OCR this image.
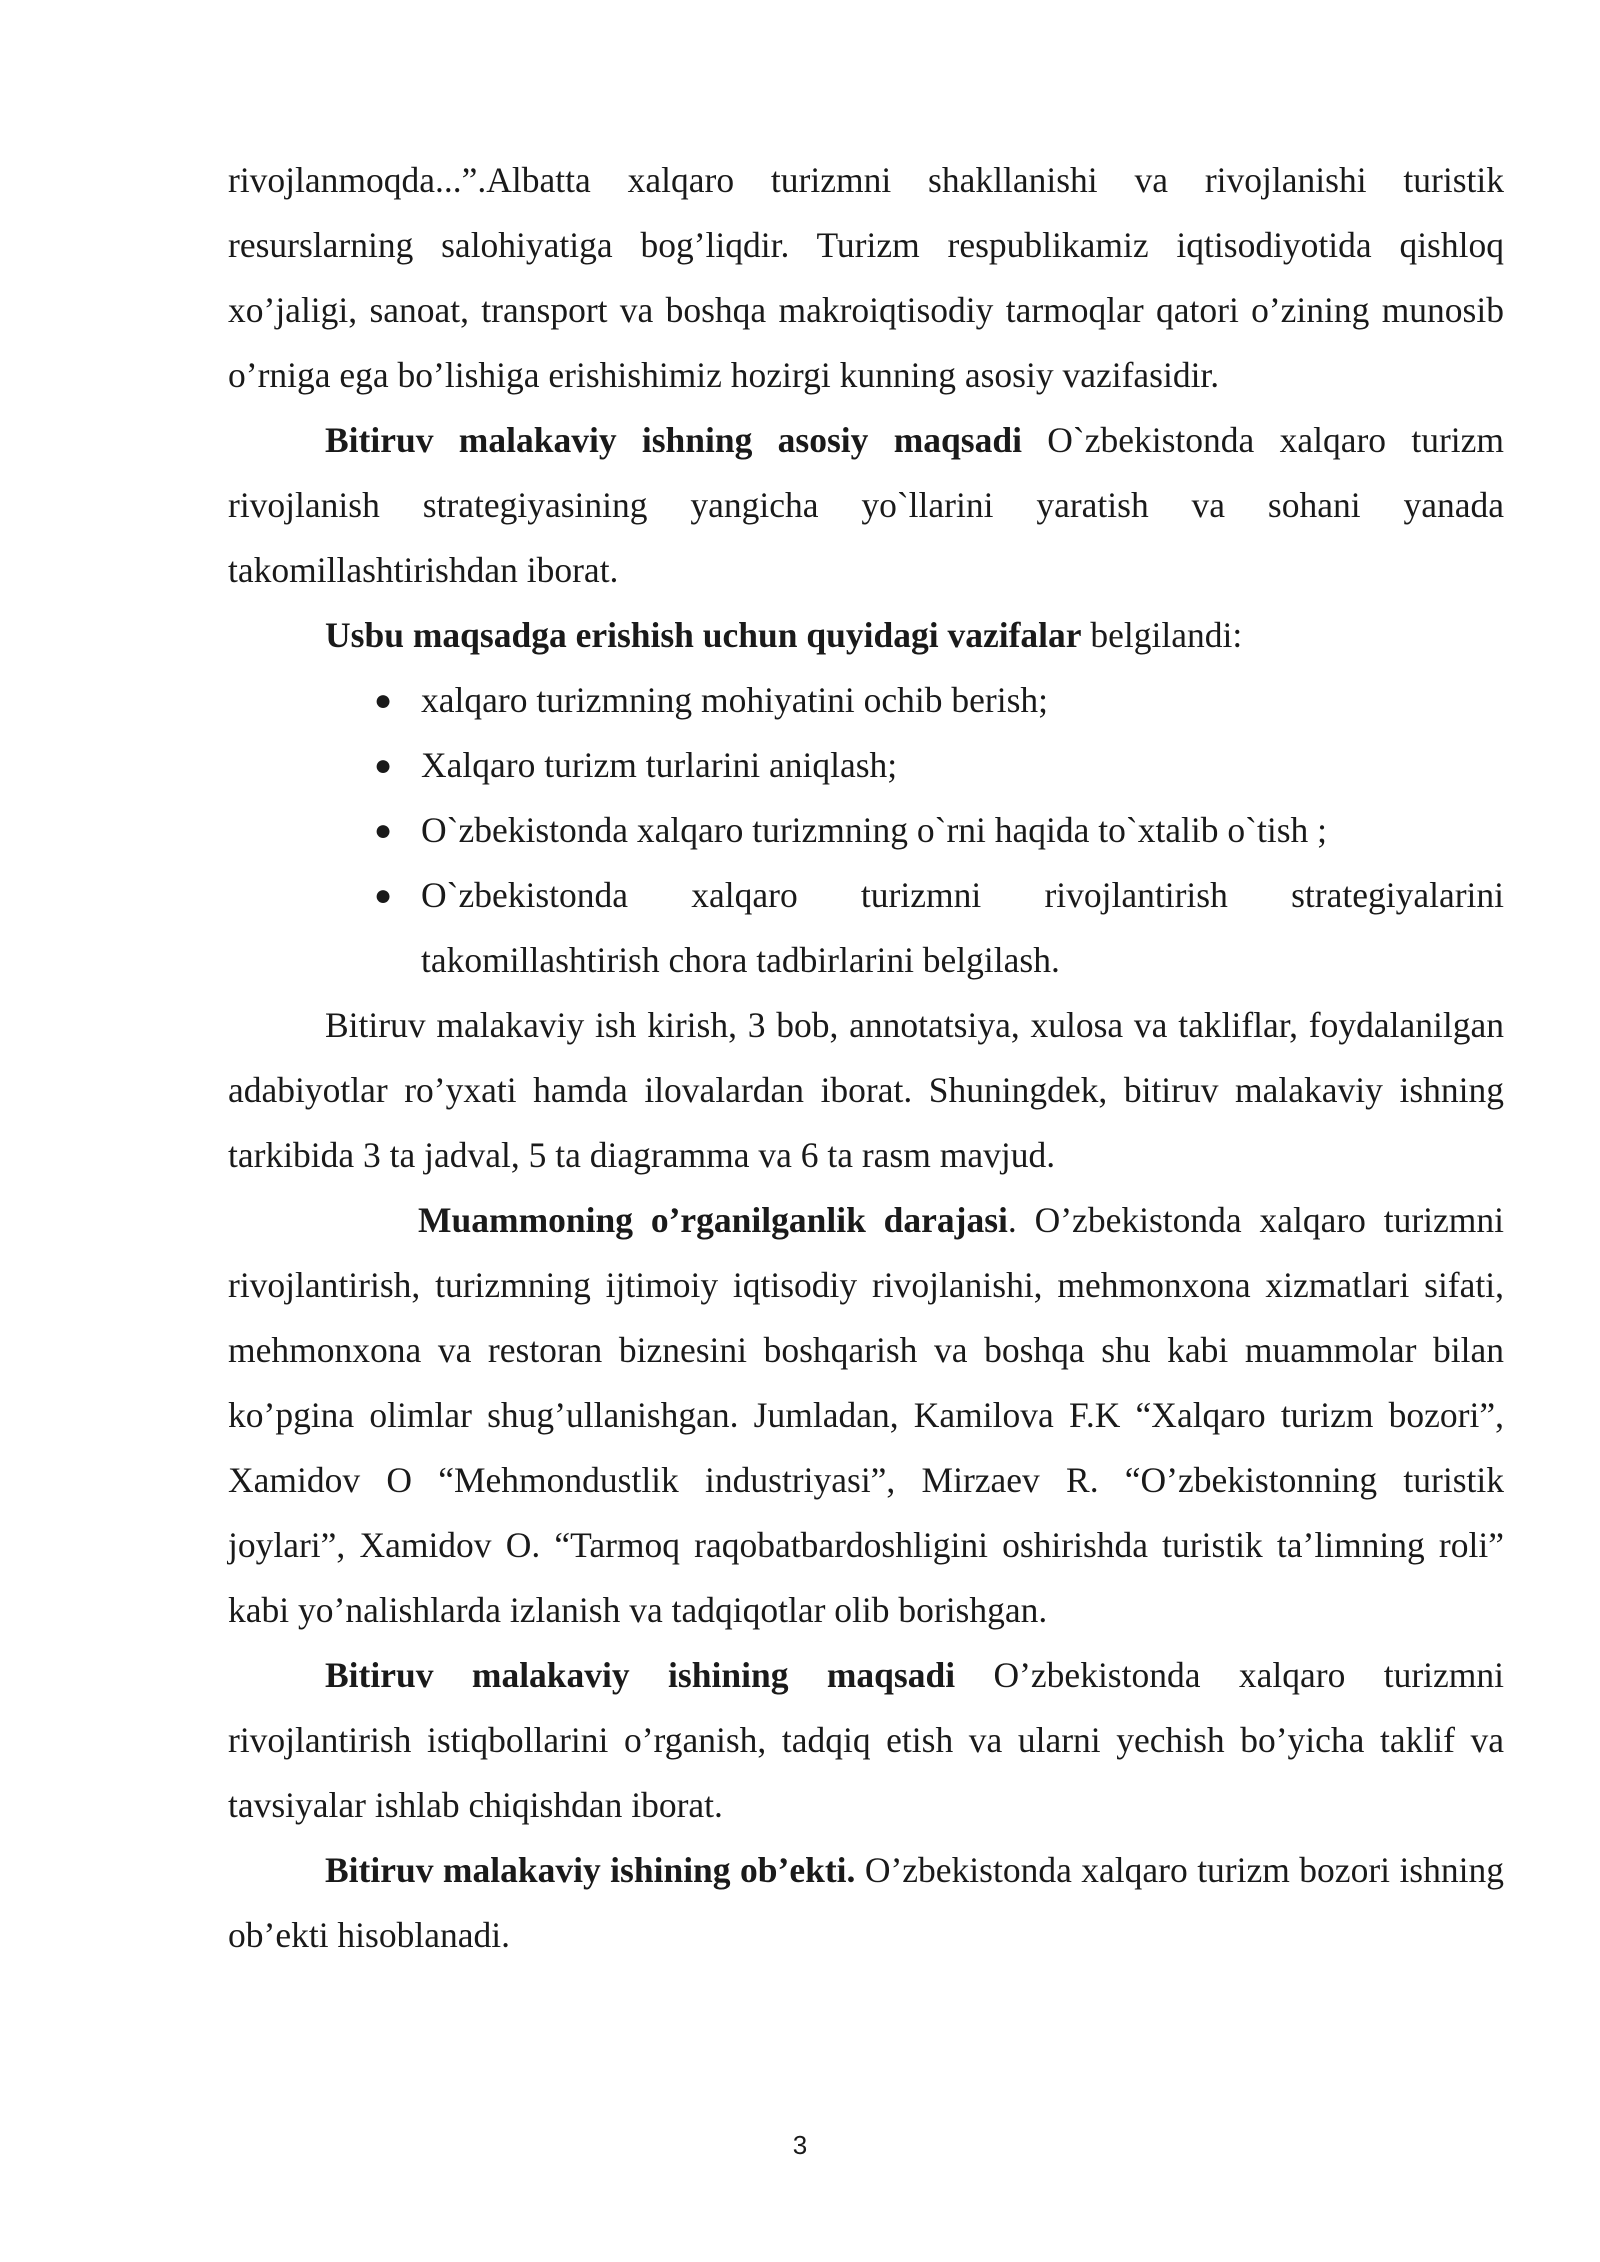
rivojlanmoqda...”.Albatta xalqaro turizmni shakllanishi va rivojlanishi turistik resurslarning salohiyatiga bog’liqdir. Turizm respublikamiz iqtisodiyotida qishloq xo’jaligi, sanoat, transport va boshqa makroiqtisodiy tarmoqlar qatori o’zining munosib o’rniga ega bo’lishiga erishishimiz hozirgi kunning asosiy vazifasidir.

Bitiruv malakaviy ishning asosiy maqsadi O`zbekistonda xalqaro turizm rivojlanish strategiyasining yangicha yo`llarini yaratish va sohani yanada takomillashtirishdan iborat.

Usbu maqsadga erishish uchun quyidagi vazifalar belgilandi:

● xalqaro turizmning mohiyatini ochib berish;
● Xalqaro turizm turlarini aniqlash;
● O`zbekistonda xalqaro turizmning o`rni haqida to`xtalib o`tish ;
● O`zbekistonda xalqaro turizmni rivojlantirish strategiyalarini takomillashtirish chora tadbirlarini belgilash.

Bitiruv malakaviy ish kirish, 3 bob, annotatsiya, xulosa va takliflar, foydalanilgan adabiyotlar ro’yxati hamda ilovalardan iborat. Shuningdek, bitiruv malakaviy ishning tarkibida 3 ta jadval, 5 ta diagramma va 6 ta rasm mavjud.

Muammoning o’rganilganlik darajasi. O’zbekistonda xalqaro turizmni rivojlantirish, turizmning ijtimoiy iqtisodiy rivojlanishi, mehmonxona xizmatlari sifati, mehmonxona va restoran biznesini boshqarish va boshqa shu kabi muammolar bilan ko’pgina olimlar shug’ullanishgan. Jumladan, Kamilova F.K “Xalqaro turizm bozori”, Xamidov O “Mehmondustlik industriyasi”, Mirzaev R. “O’zbekistonning turistik joylari”, Xamidov O. “Tarmoq raqobatbardoshligini oshirishda turistik ta’limning roli” kabi yo’nalishlarda izlanish va tadqiqotlar olib borishgan.

Bitiruv malakaviy ishining maqsadi O’zbekistonda xalqaro turizmni rivojlantirish istiqbollarini o’rganish, tadqiq etish va ularni yechish bo’yicha taklif va tavsiyalar ishlab chiqishdan iborat.

Bitiruv malakaviy ishining ob’ekti. O’zbekistonda xalqaro turizm bozori ishning ob’ekti hisoblanadi.

3
